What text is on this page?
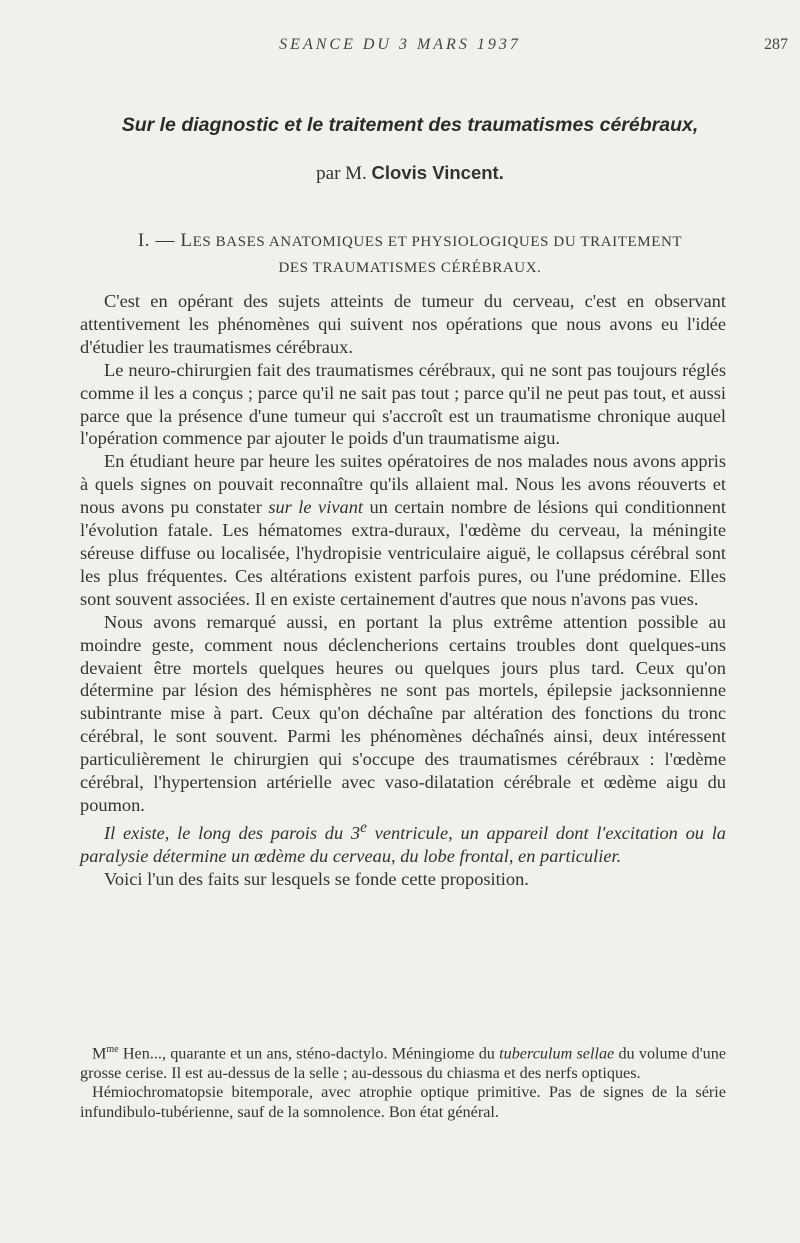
SEANCE DU 3 MARS 1937	287
Sur le diagnostic et le traitement des traumatismes cérébraux,
par M. Clovis Vincent.
I. — LES BASES ANATOMIQUES ET PHYSIOLOGIQUES DU TRAITEMENT
DES TRAUMATISMES CÉRÉBRAUX.

C'est en opérant des sujets atteints de tumeur du cerveau, c'est en observant attentivement les phénomènes qui suivent nos opérations que nous avons eu l'idée d'étudier les traumatismes cérébraux.

Le neuro-chirurgien fait des traumatismes cérébraux, qui ne sont pas toujours réglés comme il les a conçus ; parce qu'il ne sait pas tout ; parce qu'il ne peut pas tout, et aussi parce que la présence d'une tumeur qui s'accroît est un traumatisme chronique auquel l'opération commence par ajouter le poids d'un traumatisme aigu.

En étudiant heure par heure les suites opératoires de nos malades nous avons appris à quels signes on pouvait reconnaître qu'ils allaient mal. Nous les avons réouverts et nous avons pu constater sur le vivant un certain nombre de lésions qui conditionnent l'évolution fatale. Les hématomes extra-duraux, l'œdème du cerveau, la méningite séreuse diffuse ou localisée, l'hydropisie ventriculaire aiguë, le collapsus cérébral sont les plus fréquentes. Ces altérations existent parfois pures, ou l'une prédomine. Elles sont souvent associées. Il en existe certainement d'autres que nous n'avons pas vues.

Nous avons remarqué aussi, en portant la plus extrême attention possible au moindre geste, comment nous déclencherions certains troubles dont quelques-uns devaient être mortels quelques heures ou quelques jours plus tard. Ceux qu'on détermine par lésion des hémisphères ne sont pas mortels, épilepsie jacksonnienne subintrante mise à part. Ceux qu'on déchaîne par altération des fonctions du tronc cérébral, le sont souvent. Parmi les phénomènes déchaînés ainsi, deux intéressent particulièrement le chirurgien qui s'occupe des traumatismes cérébraux : l'œdème cérébral, l'hypertension artérielle avec vaso-dilatation cérébrale et œdème aigu du poumon.

Il existe, le long des parois du 3e ventricule, un appareil dont l'excitation ou la paralysie détermine un œdème du cerveau, du lobe frontal, en particulier.

Voici l'un des faits sur lesquels se fonde cette proposition.

$M^{me}$ Hen..., quarante et un ans, sténo-dactylo. Méningiome du tuberculum sellae du volume d'une grosse cerise. Il est au-dessus de la selle ; au-dessous du chiasma et des nerfs optiques.

Hémiochromatopsie bitemporale, avec atrophie optique primitive. Pas de signes de la série infundibulo-tubérienne, sauf de la somnolence. Bon état général.
